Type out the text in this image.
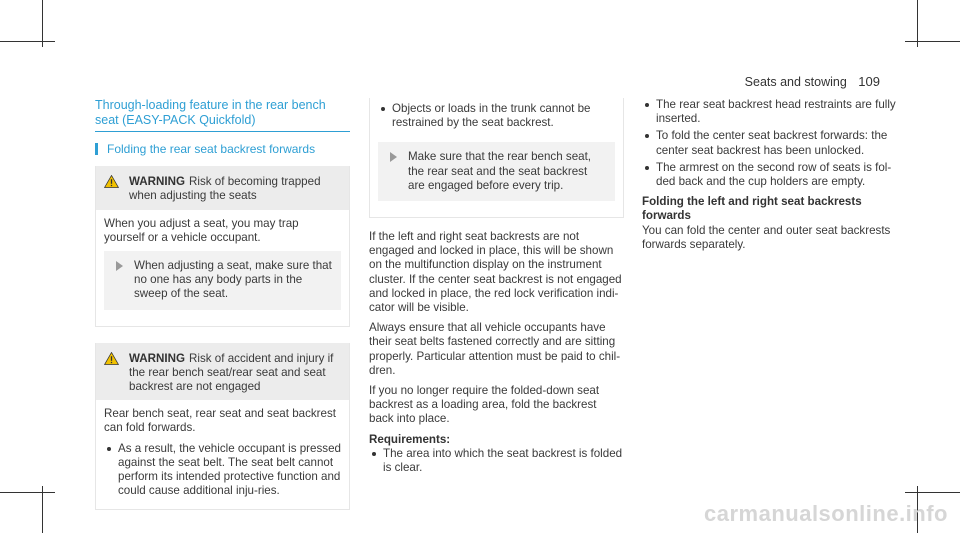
Seats and stowing 109
Through-loading feature in the rear bench seat (EASY-PACK Quickfold)
Folding the rear seat backrest forwards
WARNING Risk of becoming trapped when adjusting the seats
When you adjust a seat, you may trap yourself or a vehicle occupant.
When adjusting a seat, make sure that no one has any body parts in the sweep of the seat.
WARNING Risk of accident and injury if the rear bench seat/rear seat and seat backrest are not engaged
Rear bench seat, rear seat and seat backrest can fold forwards.
As a result, the vehicle occupant is pressed against the seat belt. The seat belt cannot perform its intended protective function and could cause additional inju-ries.
Objects or loads in the trunk cannot be restrained by the seat backrest.
Make sure that the rear bench seat, the rear seat and the seat backrest are engaged before every trip.
If the left and right seat backrests are not engaged and locked in place, this will be shown on the multifunction display on the instrument cluster. If the center seat backrest is not engaged and locked in place, the red lock verification indi-cator will be visible.
Always ensure that all vehicle occupants have their seat belts fastened correctly and are sitting properly. Particular attention must be paid to chil-dren.
If you no longer require the folded-down seat backrest as a loading area, fold the backrest back into place.
Requirements:
The area into which the seat backrest is folded is clear.
The rear seat backrest head restraints are fully inserted.
To fold the center seat backrest forwards: the center seat backrest has been unlocked.
The armrest on the second row of seats is fol-ded back and the cup holders are empty.
Folding the left and right seat backrests forwards
You can fold the center and outer seat backrests forwards separately.
carmanualsonline.info
